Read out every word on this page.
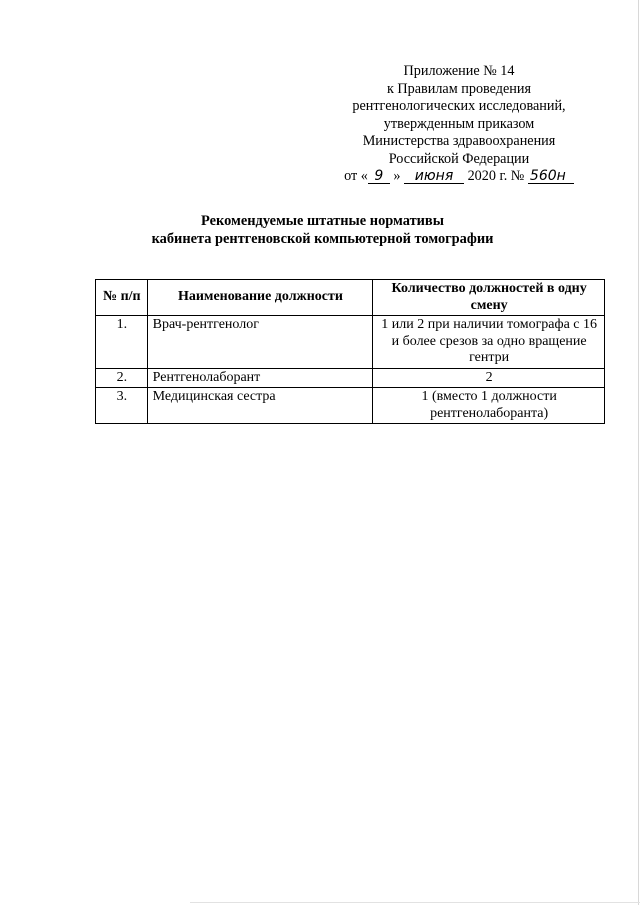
Приложение № 14
к Правилам проведения
рентгенологических исследований,
утвержденным приказом
Министерства здравоохранения
Российской Федерации
от « 9 » июня 2020 г. № 560н
Рекомендуемые штатные нормативы
кабинета рентгеновской компьютерной томографии
№ п/п	Наименование должности	Количество должностей в одну смену
1.	Врач-рентгенолог	1 или 2 при наличии томографа с 16 и более срезов за одно вращение гентри
2.	Рентгенолаборант	2
3.	Медицинская сестра	1 (вместо 1 должности рентгенолаборанта)
